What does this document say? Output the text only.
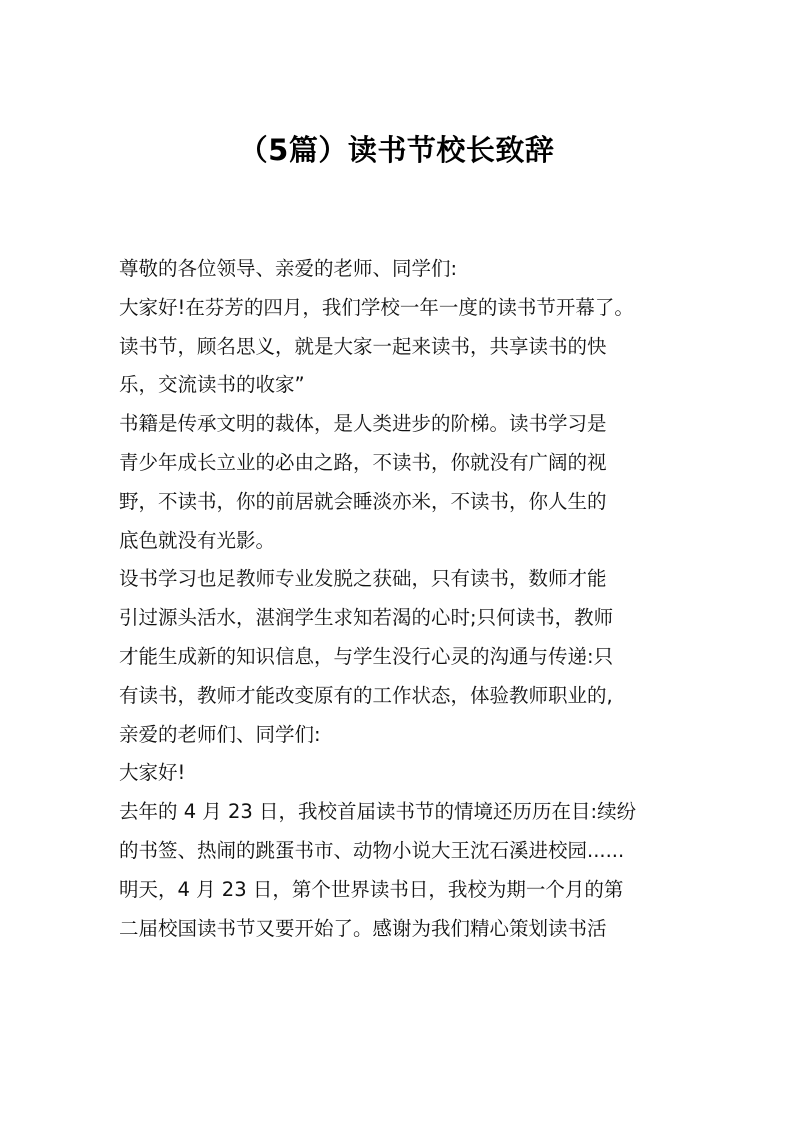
（5篇）读书节校长致辞
尊敬的各位领导、亲爱的老师、同学们:
大家好!在芬芳的四月，我们学校一年一度的读书节开幕了。
读书节，顾名思义，就是大家一起来读书，共享读书的快
乐，交流读书的收家”
书籍是传承文明的裁体，是人类进步的阶梯。读书学习是
青少年成长立业的必由之路，不读书，你就没有广阔的视
野，不读书，你的前居就会睡淡亦米，不读书，你人生的
底色就没有光影。
设书学习也足教师专业发脱之获础，只有读书，数师才能
引过源头活水，湛润学生求知若渴的心时;只何读书，教师
才能生成新的知识信息，与学生没行心灵的沟通与传递:只
有读书，教师才能改变原有的工作状态，体验教师职业的,
亲爱的老师们、同学们:
大家好!
去年的 4 月 23 日，我校首届读书节的情境还历历在目:续纷
的书签、热闹的跳蛋书市、动物小说大王沈石溪进校园......
明天，4 月 23 日，第个世界读书日，我校为期一个月的第
二届校国读书节又要开始了。感谢为我们精心策划读书活
